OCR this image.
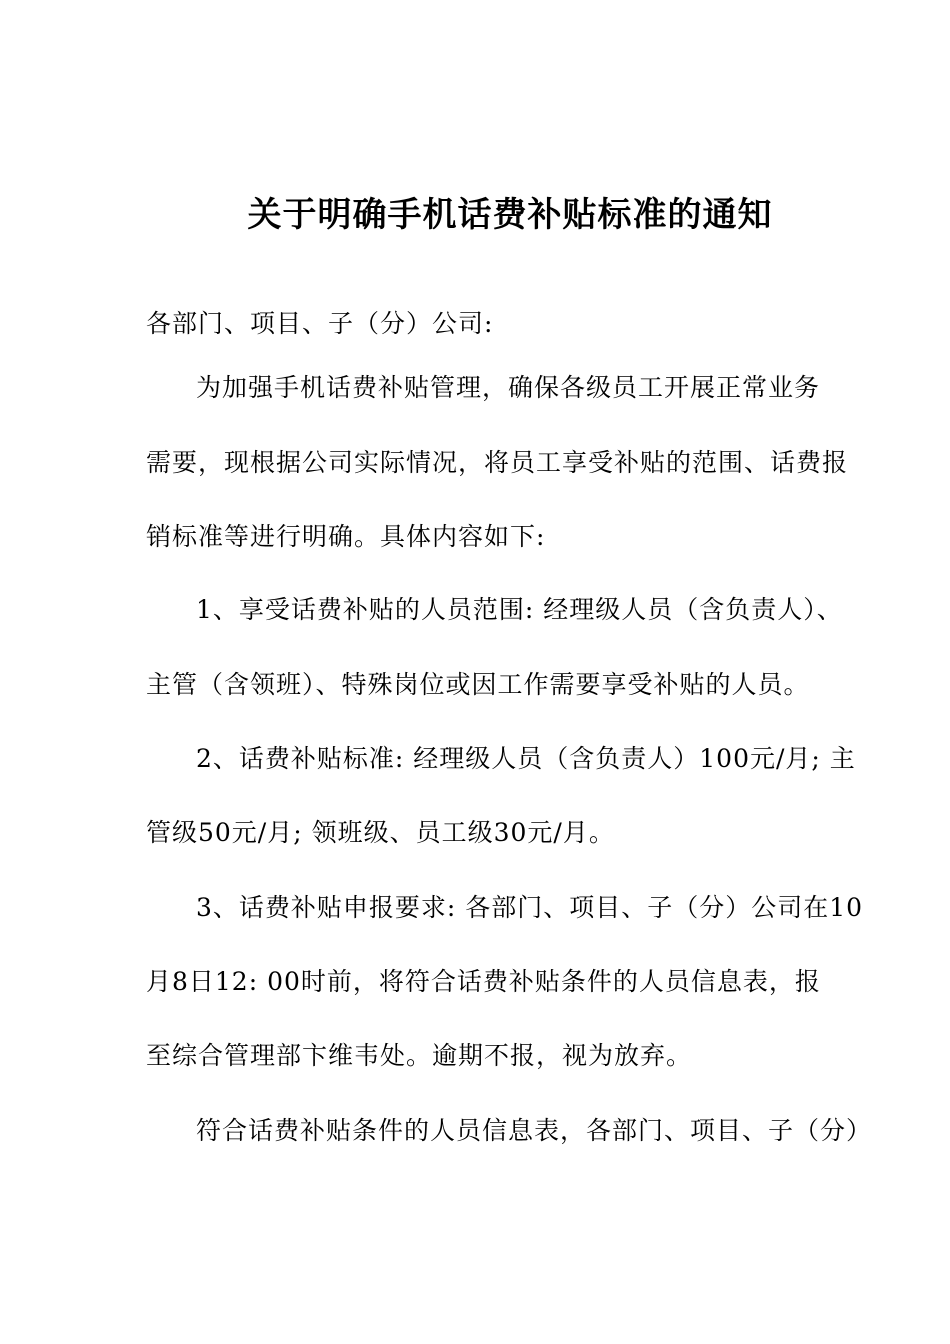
关于明确手机话费补贴标准的通知
各部门、项目、子（分）公司:
为加强手机话费补贴管理，确保各级员工开展正常业务
需要，现根据公司实际情况，将员工享受补贴的范围、话费报
销标准等进行明确。具体内容如下:
1、享受话费补贴的人员范围: 经理级人员（含负责人）、
主管（含领班）、特殊岗位或因工作需要享受补贴的人员。
2、话费补贴标准: 经理级人员（含负责人）100元/月; 主
管级50元/月; 领班级、员工级30元/月。
3、话费补贴申报要求: 各部门、项目、子（分）公司在10
月8日12: 00时前，将符合话费补贴条件的人员信息表，报
至综合管理部卞维韦处。逾期不报，视为放弃。
符合话费补贴条件的人员信息表，各部门、项目、子（分）
